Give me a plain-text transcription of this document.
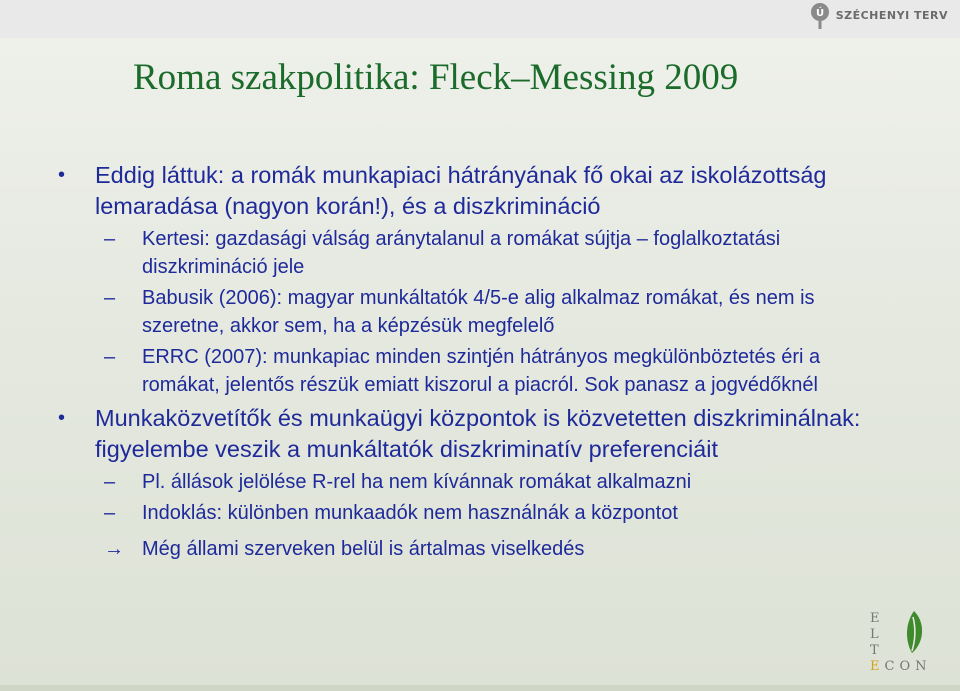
Ú SZÉCHENYI TERV
Roma szakpolitika: Fleck–Messing 2009
• Eddig láttuk: a romák munkapiaci hátrányának fő okai az iskolázottság lemaradása (nagyon korán!), és a diszkrimináció
– Kertesi: gazdasági válság aránytalanul a romákat sújtja – foglalkoztatási diszkrimináció jele
– Babusik (2006): magyar munkáltatók 4/5-e alig alkalmaz romákat, és nem is szeretne, akkor sem, ha a képzésük megfelelő
– ERRC (2007): munkapiac minden szintjén hátrányos megkülönböztetés éri a romákat, jelentős részük emiatt kiszorul a piacról. Sok panasz a jogvédőknél
• Munkaközvetítők és munkaügyi központok is közvetetten diszkriminálnak: figyelembe veszik a munkáltatók diszkriminatív preferenciáit
– Pl. állások jelölése R-rel ha nem kívánnak romákat alkalmazni
– Indoklás: különben munkaadók nem használnák a központot
→ Még állami szerveken belül is ártalmas viselkedés
E
L
T
ECON
